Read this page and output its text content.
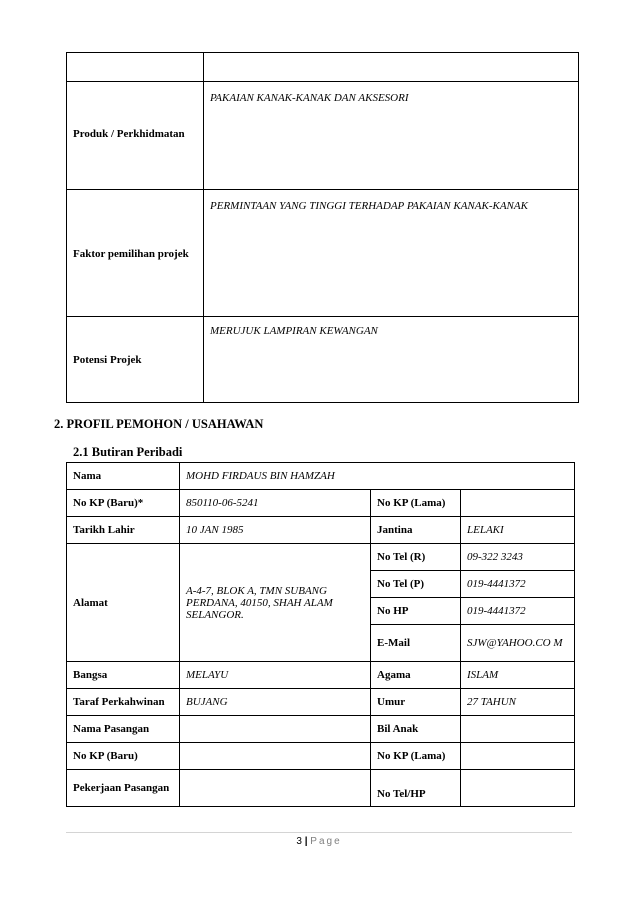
Produk / Perkhidmatan	PAKAIAN KANAK-KANAK DAN AKSESORI
Faktor pemilihan projek	PERMINTAAN YANG TINGGI TERHADAP PAKAIAN KANAK-KANAK
Potensi Projek	MERUJUK LAMPIRAN KEWANGAN
2. PROFIL PEMOHON / USAHAWAN
2.1 Butiran Peribadi
Nama	MOHD FIRDAUS BIN HAMZAH		
No KP (Baru)*	850110-06-5241	No KP (Lama)	
Tarikh Lahir	10 JAN 1985	Jantina	LELAKI
Alamat	A-4-7, BLOK A, TMN SUBANG PERDANA, 40150, SHAH ALAM SELANGOR.	No Tel (R)	09-322 3243
		No Tel (P)	019-4441372
		No HP	019-4441372
		E-Mail	SJW@YAHOO.CO M
Bangsa	MELAYU	Agama	ISLAM
Taraf Perkahwinan	BUJANG	Umur	27 TAHUN
Nama Pasangan		Bil Anak	
No KP (Baru)		No KP (Lama)	
Pekerjaan Pasangan		No Tel/HP	
3 | Page
